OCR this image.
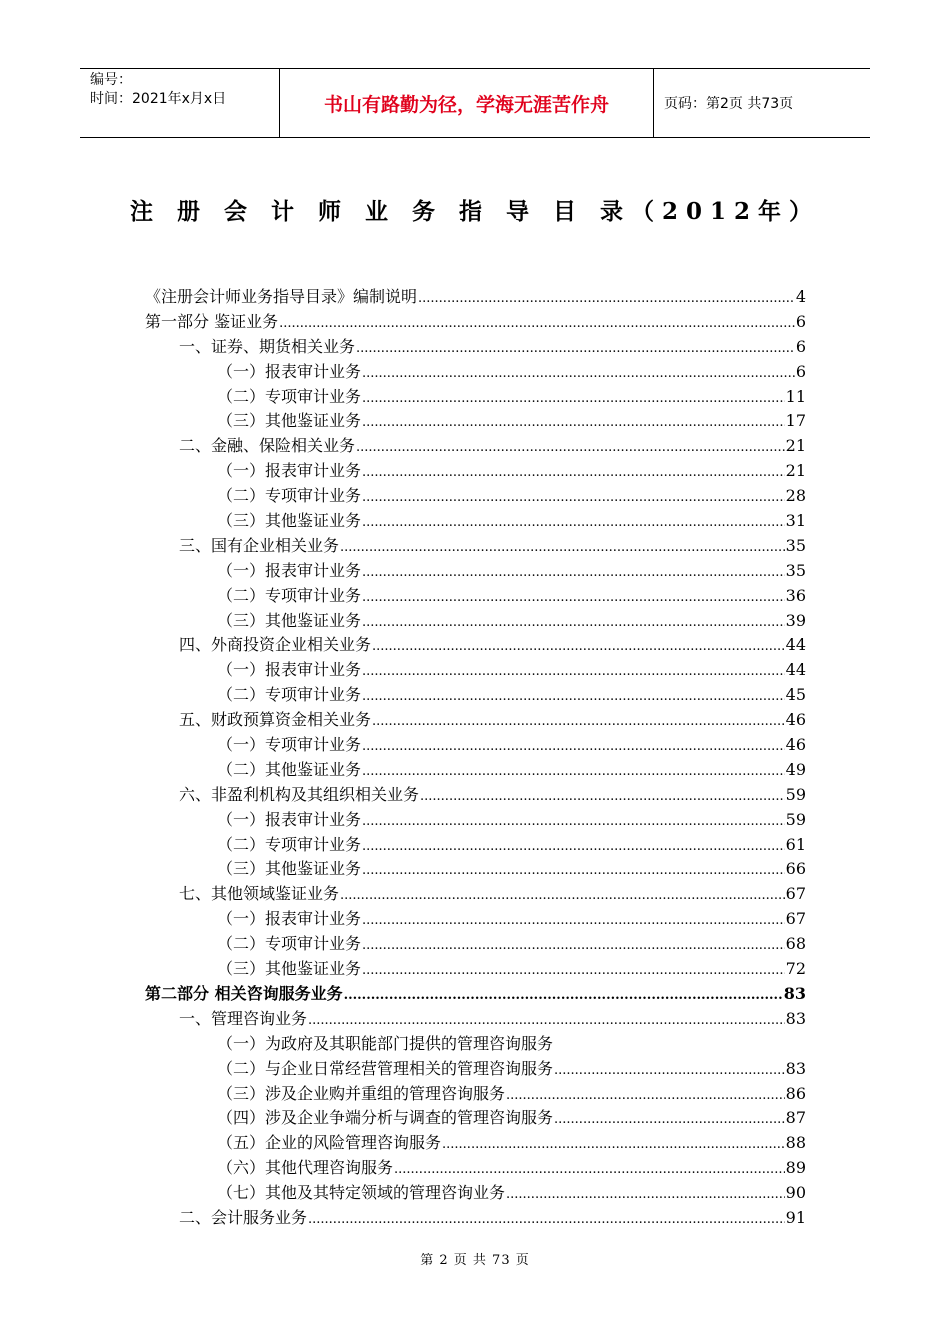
编号：
时间：2021年x月x日	书山有路勤为径，学海无涯苦作舟	页码：第2页 共73页
注 册 会 计 师 业 务 指 导 目 录（2012年）
《注册会计师业务指导目录》编制说明 .....	4
第一部分 鉴证业务 .....	6
一、证券、期货相关业务 .....	6
（一）报表审计业务 .....	6
（二）专项审计业务 .....	11
（三）其他鉴证业务 .....	17
二、金融、保险相关业务 .....	21
（一）报表审计业务 .....	21
（二）专项审计业务 .....	28
（三）其他鉴证业务 .....	31
三、国有企业相关业务 .....	35
（一）报表审计业务 .....	35
（二）专项审计业务 .....	36
（三）其他鉴证业务 .....	39
四、外商投资企业相关业务 .....	44
（一）报表审计业务 .....	44
（二）专项审计业务 .....	45
五、财政预算资金相关业务 .....	46
（一）专项审计业务 .....	46
（二）其他鉴证业务 .....	49
六、非盈利机构及其组织相关业务 .....	59
（一）报表审计业务 .....	59
（二）专项审计业务 .....	61
（三）其他鉴证业务 .....	66
七、其他领域鉴证业务 .....	67
（一）报表审计业务 .....	67
（二）专项审计业务 .....	68
（三）其他鉴证业务 .....	72
第二部分 相关咨询服务业务 .....	83
一、管理咨询业务 .....	83
（一）为政府及其职能部门提供的管理咨询服务
（二）与企业日常经营管理相关的管理咨询服务 .....	83
（三）涉及企业购并重组的管理咨询服务 .....	86
（四）涉及企业争端分析与调查的管理咨询服务 .....	87
（五）企业的风险管理咨询服务 .....	88
（六）其他代理咨询服务 .....	89
（七）其他及其特定领域的管理咨询业务 .....	90
二、会计服务业务 .....	91
第 2 页 共 73 页
